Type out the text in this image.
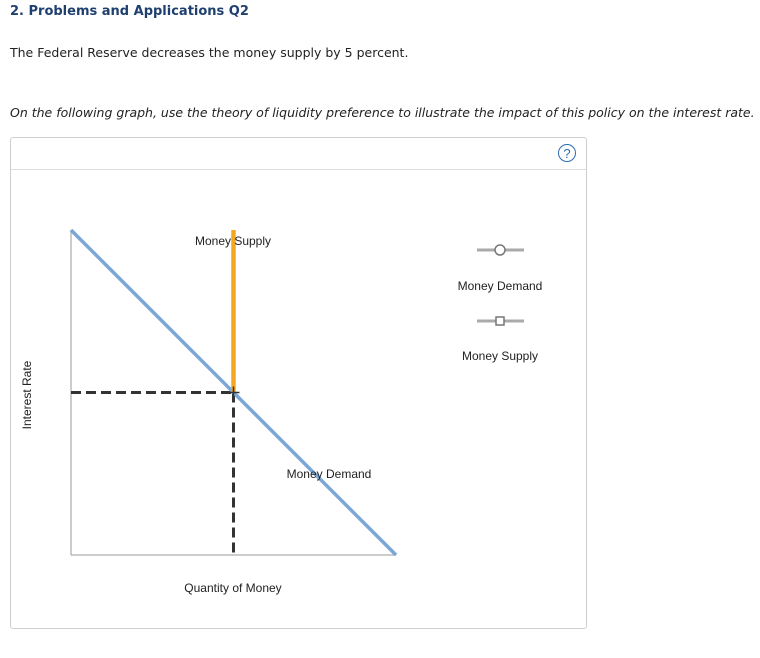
2. Problems and Applications Q2
The Federal Reserve decreases the money supply by 5 percent.
On the following graph, use the theory of liquidity preference to illustrate the impact of this policy on the interest rate.
?
Interest Rate
Quantity of Money
Money Supply
Money Demand
Money Demand
Money Supply
